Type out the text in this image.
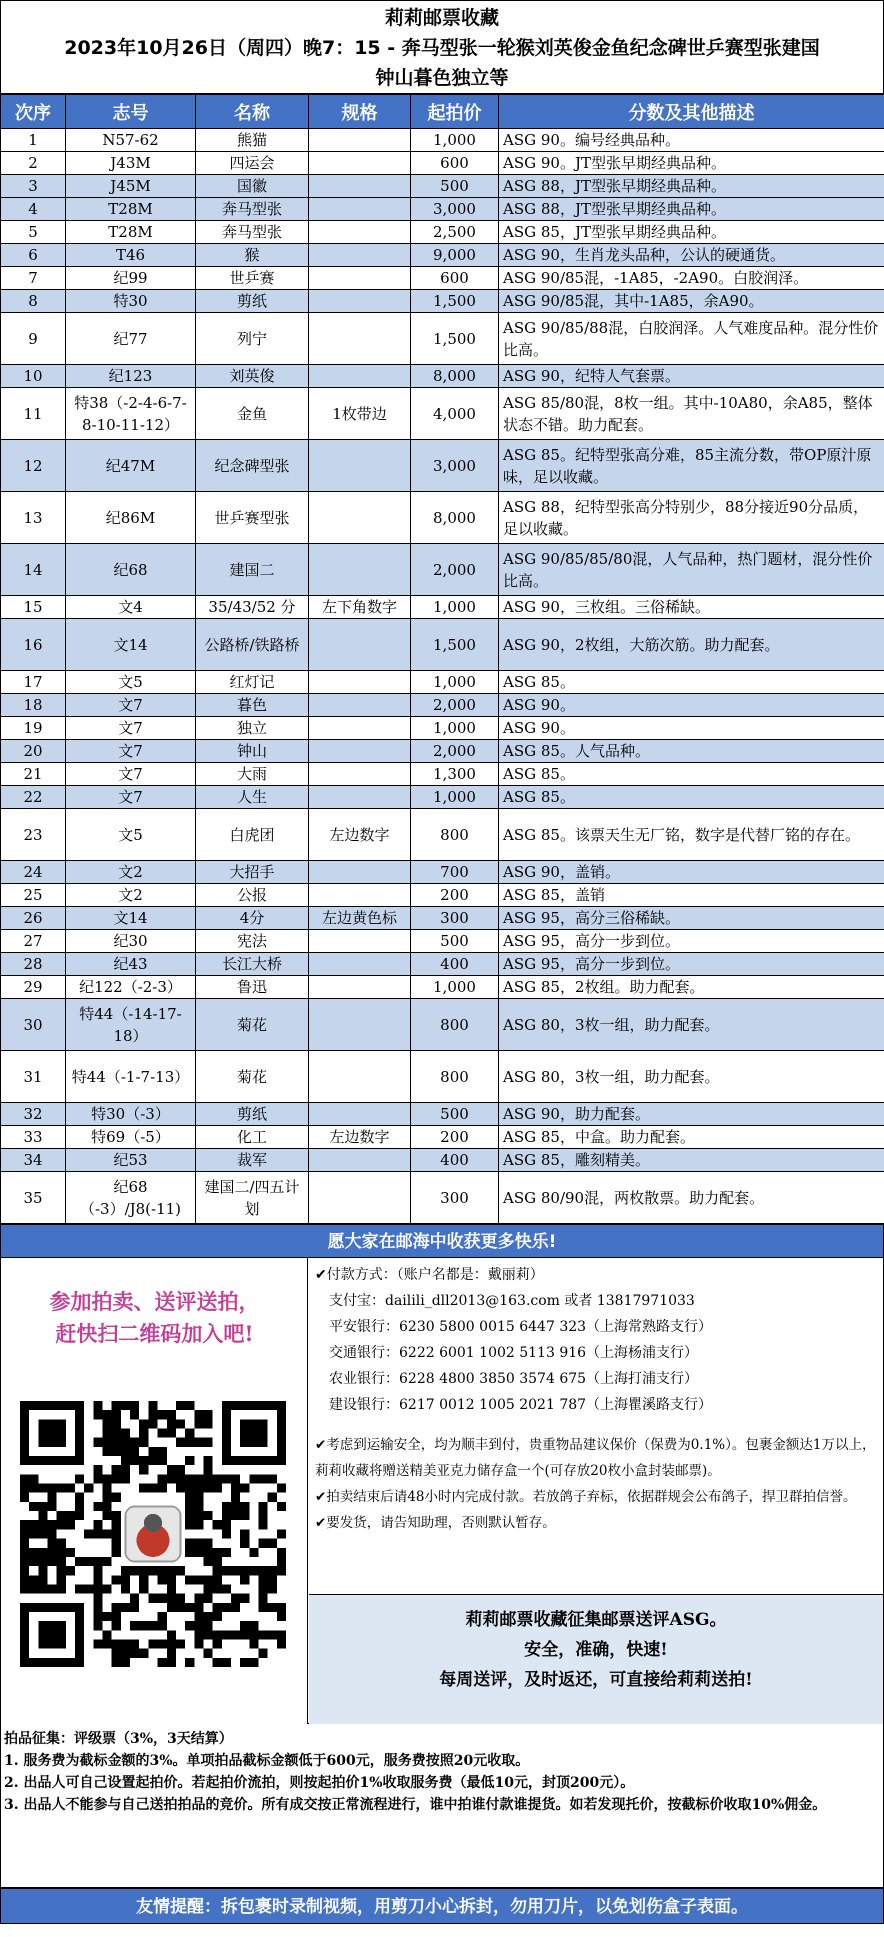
莉莉邮票收藏
2023年10月26日（周四）晚7：15 - 奔马型张一轮猴刘英俊金鱼纪念碑世乒赛型张建国
钟山暮色独立等
次序	志号	名称	规格	起拍价	分数及其他描述
1	N57-62	熊猫		1,000	ASG 90。编号经典品种。
2	J43M	四运会		600	ASG 90。JT型张早期经典品种。
3	J45M	国徽		500	ASG 88，JT型张早期经典品种。
4	T28M	奔马型张		3,000	ASG 88，JT型张早期经典品种。
5	T28M	奔马型张		2,500	ASG 85，JT型张早期经典品种。
6	T46	猴		9,000	ASG 90，生肖龙头品种，公认的硬通货。
7	纪99	世乒赛		600	ASG 90/85混，-1A85，-2A90。白胶润泽。
8	特30	剪纸		1,500	ASG 90/85混，其中-1A85，余A90。
9	纪77	列宁		1,500	ASG 90/85/88混，白胶润泽。人气难度品种。混分性价比高。
10	纪123	刘英俊		8,000	ASG 90，纪特人气套票。
11	特38（-2-4-6-7-8-10-11-12）	金鱼	1枚带边	4,000	ASG 85/80混，8枚一组。其中-10A80，余A85，整体状态不错。助力配套。
12	纪47M	纪念碑型张		3,000	ASG 85。纪特型张高分难，85主流分数，带OP原汁原味，足以收藏。
13	纪86M	世乒赛型张		8,000	ASG 88，纪特型张高分特别少，88分接近90分品质，足以收藏。
14	纪68	建国二		2,000	ASG 90/85/85/80混，人气品种，热门题材，混分性价比高。
15	文4	35/43/52 分	左下角数字	1,000	ASG 90，三枚组。三俗稀缺。
16	文14	公路桥/铁路桥		1,500	ASG 90，2枚组，大筋次筋。助力配套。
17	文5	红灯记		1,000	ASG 85。
18	文7	暮色		2,000	ASG 90。
19	文7	独立		1,000	ASG 90。
20	文7	钟山		2,000	ASG 85。人气品种。
21	文7	大雨		1,300	ASG 85。
22	文7	人生		1,000	ASG 85。
23	文5	白虎团	左边数字	800	ASG 85。该票天生无厂铭，数字是代替厂铭的存在。
24	文2	大招手		700	ASG 90，盖销。
25	文2	公报		200	ASG 85，盖销
26	文14	4分	左边黄色标	300	ASG 95，高分三俗稀缺。
27	纪30	宪法		500	ASG 95，高分一步到位。
28	纪43	长江大桥		400	ASG 95，高分一步到位。
29	纪122（-2-3）	鲁迅		1,000	ASG 85，2枚组。助力配套。
30	特44（-14-17-18）	菊花		800	ASG 80，3枚一组，助力配套。
31	特44（-1-7-13）	菊花		800	ASG 80，3枚一组，助力配套。
32	特30（-3）	剪纸		500	ASG 90，助力配套。
33	特69（-5）	化工	左边数字	200	ASG 85，中盒。助力配套。
34	纪53	裁军		400	ASG 85，雕刻精美。
35	纪68（-3）/J8(-11)	建国二/四五计划		300	ASG 80/90混，两枚散票。助力配套。
愿大家在邮海中收获更多快乐!
参加拍卖、送评送拍，
赶快扫二维码加入吧!
✔付款方式：（账户名都是：戴丽莉）
支付宝：dailili_dll2013@163.com 或者 13817971033
平安银行：6230 5800 0015 6447 323（上海常熟路支行）
交通银行：6222 6001 1002 5113 916（上海杨浦支行）
农业银行：6228 4800 3850 3574 675（上海打浦支行）
建设银行：6217 0012 1005 2021 787（上海瞿溪路支行）
✔考虑到运输安全，均为顺丰到付，贵重物品建议保价（保费为0.1%）。包裹金额达1万以上，莉莉收藏将赠送精美亚克力储存盒一个(可存放20枚小盒封装邮票)。
✔拍卖结束后请48小时内完成付款。若放鸽子弃标，依据群规会公布鸽子，捍卫群拍信誉。
✔要发货，请告知助理，否则默认暂存。
莉莉邮票收藏征集邮票送评ASG。
安全，准确，快速!
每周送评，及时返还，可直接给莉莉送拍!
拍品征集：评级票（3%，3天结算）
1. 服务费为截标金额的3%。单项拍品截标金额低于600元，服务费按照20元收取。
2. 出品人可自己设置起拍价。若起拍价流拍，则按起拍价1%收取服务费（最低10元，封顶200元）。
3. 出品人不能参与自己送拍拍品的竞价。所有成交按正常流程进行，谁中拍谁付款谁提货。如若发现托价，按截标价收取10%佣金。
友情提醒：拆包裹时录制视频，用剪刀小心拆封，勿用刀片，以免划伤盒子表面。
